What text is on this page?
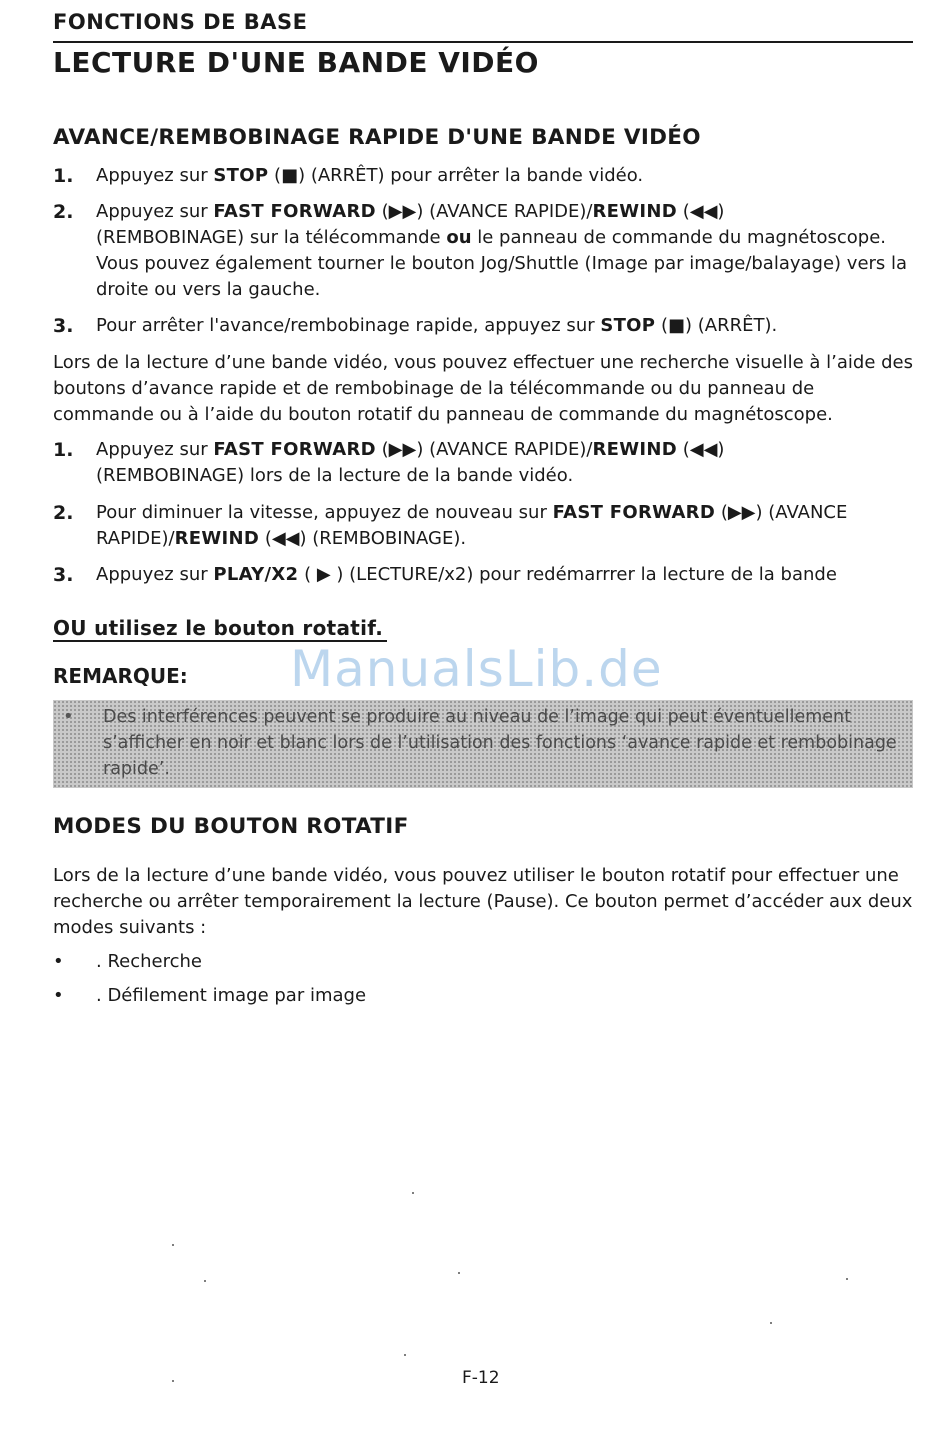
FONCTIONS DE BASE
LECTURE D'UNE BANDE VIDÉO
AVANCE/REMBOBINAGE RAPIDE D'UNE BANDE VIDÉO
1. Appuyez sur STOP (■) (ARRÊT) pour arrêter la bande vidéo.
2. Appuyez sur FAST FORWARD (▶▶) (AVANCE RAPIDE)/REWIND (◀◀)
(REMBOBINAGE) sur la télécommande ou le panneau de commande du magnétoscope. Vous pouvez également tourner le bouton Jog/Shuttle (Image par image/balayage) vers la droite ou vers la gauche.
3. Pour arrêter l'avance/rembobinage rapide, appuyez sur STOP (■) (ARRÊT).
Lors de la lecture d’une bande vidéo, vous pouvez effectuer une recherche visuelle à l’aide des boutons d’avance rapide et de rembobinage de la télécommande ou du panneau de commande ou à l’aide du bouton rotatif du panneau de commande du magnétoscope.
1. Appuyez sur FAST FORWARD (▶▶) (AVANCE RAPIDE)/REWIND (◀◀)
(REMBOBINAGE) lors de la lecture de la bande vidéo.
2. Pour diminuer la vitesse, appuyez de nouveau sur FAST FORWARD (▶▶) (AVANCE RAPIDE)/REWIND (◀◀) (REMBOBINAGE).
3. Appuyez sur PLAY/X2 ( ▶ ) (LECTURE/x2) pour redémarrrer la lecture de la bande
OU utilisez le bouton rotatif.
REMARQUE: ManualsLib.de
• Des interférences peuvent se produire au niveau de l’image qui peut éventuellement s’afficher en noir et blanc lors de l’utilisation des fonctions ‘avance rapide et rembobinage rapide’.
MODES DU BOUTON ROTATIF
Lors de la lecture d’une bande vidéo, vous pouvez utiliser le bouton rotatif pour effectuer une recherche ou arrêter temporairement la lecture (Pause). Ce bouton permet d’accéder aux deux modes suivants :
• . Recherche
• . Défilement image par image
F-12
